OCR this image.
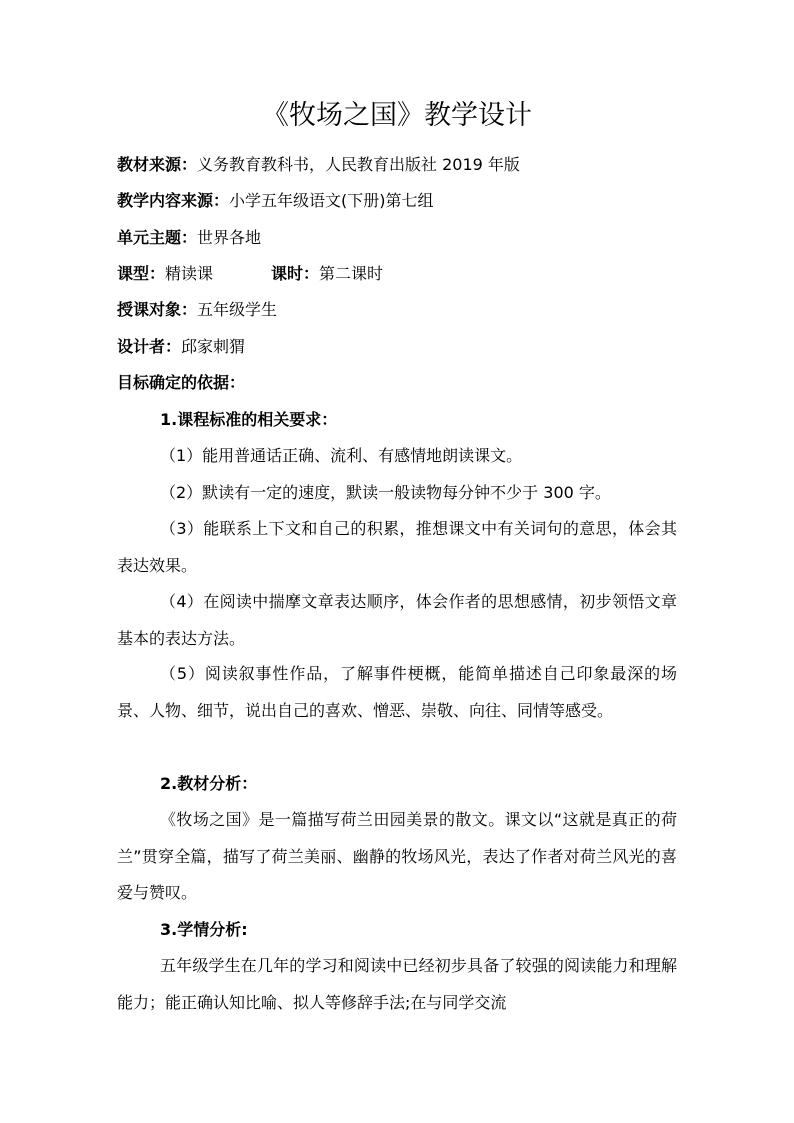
《牧场之国》教学设计
教材来源：义务教育教科书，人民教育出版社 2019 年版
教学内容来源：小学五年级语文(下册)第七组
单元主题：世界各地
课型：精读课	课时：第二课时
授课对象：五年级学生
设计者：邱家刺猬
目标确定的依据：
1.课程标准的相关要求：

（1）能用普通话正确、流利、有感情地朗读课文。

（2）默读有一定的速度，默读一般读物每分钟不少于 300 字。

（3）能联系上下文和自己的积累，推想课文中有关词句的意思，体会其表达效果。

（4）在阅读中揣摩文章表达顺序，体会作者的思想感情，初步领悟文章基本的表达方法。

（5）阅读叙事性作品，了解事件梗概，能简单描述自己印象最深的场景、人物、细节，说出自己的喜欢、憎恶、崇敬、向往、同情等感受。

2.教材分析：

《牧场之国》是一篇描写荷兰田园美景的散文。课文以“这就是真正的荷兰”贯穿全篇，描写了荷兰美丽、幽静的牧场风光，表达了作者对荷兰风光的喜爱与赞叹。

3.学情分析:

五年级学生在几年的学习和阅读中已经初步具备了较强的阅读能力和理解能力；能正确认知比喻、拟人等修辞手法;在与同学交流
